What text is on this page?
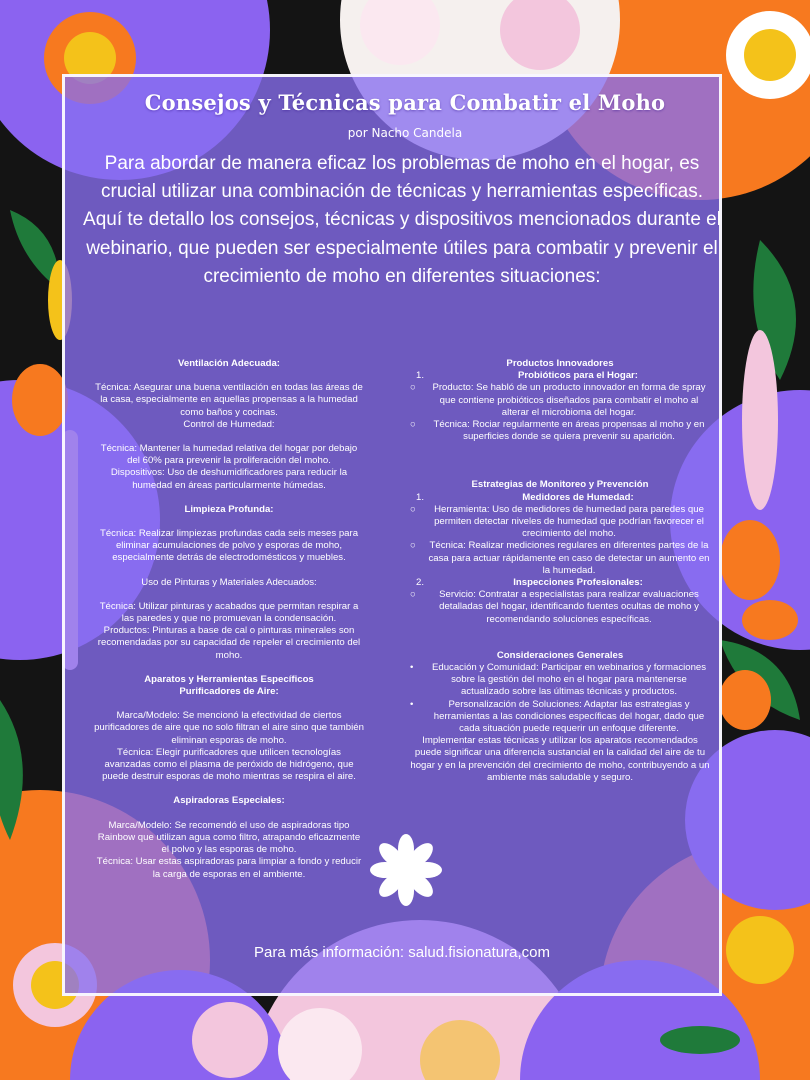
Consejos y Técnicas para Combatir el Moho
por Nacho Candela

Para abordar de manera eficaz los problemas de moho en el hogar, es crucial utilizar una combinación de técnicas y herramientas específicas. Aquí te detallo los consejos, técnicas y dispositivos mencionados durante el webinario, que pueden ser especialmente útiles para combatir y prevenir el crecimiento de moho en diferentes situaciones:

Ventilación Adecuada:

Técnica: Asegurar una buena ventilación en todas las áreas de la casa, especialmente en aquellas propensas a la humedad como baños y cocinas.

Control de Humedad:

Técnica: Mantener la humedad relativa del hogar por debajo del 60% para prevenir la proliferación del moho.

Dispositivos: Uso de deshumidificadores para reducir la humedad en áreas particularmente húmedas.

Limpieza Profunda:

Técnica: Realizar limpiezas profundas cada seis meses para eliminar acumulaciones de polvo y esporas de moho, especialmente detrás de electrodomésticos y muebles.

Uso de Pinturas y Materiales Adecuados:

Técnica: Utilizar pinturas y acabados que permitan respirar a las paredes y que no promuevan la condensación.

Productos: Pinturas a base de cal o pinturas minerales son recomendadas por su capacidad de repeler el crecimiento del moho.

Aparatos y Herramientas Específicos
Purificadores de Aire:

Marca/Modelo: Se mencionó la efectividad de ciertos purificadores de aire que no solo filtran el aire sino que también eliminan esporas de moho.

Técnica: Elegir purificadores que utilicen tecnologías avanzadas como el plasma de peróxido de hidrógeno, que puede destruir esporas de moho mientras se respira el aire.

Aspiradoras Especiales:

Marca/Modelo: Se recomendó el uso de aspiradoras tipo Rainbow que utilizan agua como filtro, atrapando eficazmente el polvo y las esporas de moho.

Técnica: Usar estas aspiradoras para limpiar a fondo y reducir la carga de esporas en el ambiente.

Productos Innovadores
1.	Probióticos para el Hogar:
○	Producto: Se habló de un producto innovador en forma de spray que contiene probióticos diseñados para combatir el moho al alterar el microbioma del hogar.
○	Técnica: Rociar regularmente en áreas propensas al moho y en superficies donde se quiera prevenir su aparición.
Estrategias de Monitoreo y Prevención
1.	Medidores de Humedad:
○	Herramienta: Uso de medidores de humedad para paredes que permiten detectar niveles de humedad que podrían favorecer el crecimiento del moho.
○	Técnica: Realizar mediciones regulares en diferentes partes de la casa para actuar rápidamente en caso de detectar un aumento en la humedad.
2.	Inspecciones Profesionales:
○	Servicio: Contratar a especialistas para realizar evaluaciones detalladas del hogar, identificando fuentes ocultas de moho y recomendando soluciones específicas.
Consideraciones Generales
•	Educación y Comunidad: Participar en webinarios y formaciones sobre la gestión del moho en el hogar para mantenerse actualizado sobre las últimas técnicas y productos.
•	Personalización de Soluciones: Adaptar las estrategias y herramientas a las condiciones específicas del hogar, dado que cada situación puede requerir un enfoque diferente.

Implementar estas técnicas y utilizar los aparatos recomendados puede significar una diferencia sustancial en la calidad del aire de tu hogar y en la prevención del crecimiento de moho, contribuyendo a un ambiente más saludable y seguro.

Para más información: salud.fisionatura,com
